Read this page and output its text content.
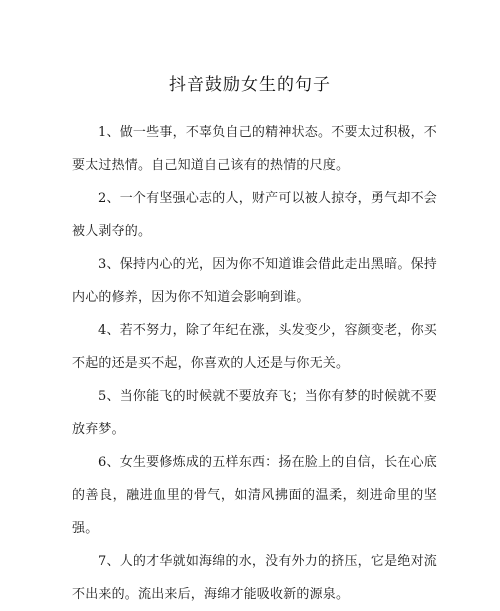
抖音鼓励女生的句子

1、做一些事，不辜负自己的精神状态。不要太过积极，不要太过热情。自己知道自己该有的热情的尺度。

2、一个有坚强心志的人，财产可以被人掠夺，勇气却不会被人剥夺的。

3、保持内心的光，因为你不知道谁会借此走出黑暗。保持内心的修养，因为你不知道会影响到谁。

4、若不努力，除了年纪在涨，头发变少，容颜变老，你买不起的还是买不起，你喜欢的人还是与你无关。

5、当你能飞的时候就不要放弃飞；当你有梦的时候就不要放弃梦。

6、女生要修炼成的五样东西：扬在脸上的自信，长在心底的善良，融进血里的骨气，如清风拂面的温柔，刻进命里的坚强。

7、人的才华就如海绵的水，没有外力的挤压，它是绝对流不出来的。流出来后，海绵才能吸收新的源泉。
